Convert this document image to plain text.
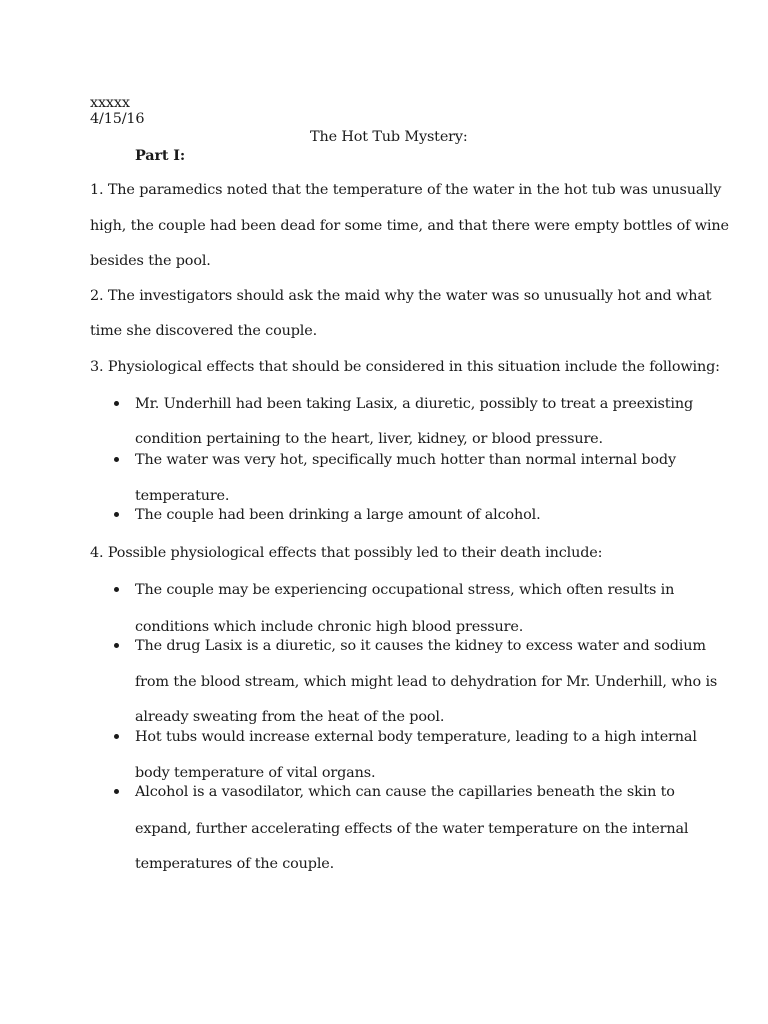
xxxxx
4/15/16
The Hot Tub Mystery:
Part I:
1. The paramedics noted that the temperature of the water in the hot tub was unusually
high, the couple had been dead for some time, and that there were empty bottles of wine
besides the pool.
2. The investigators should ask the maid why the water was so unusually hot and what
time she discovered the couple.
3. Physiological effects that should be considered in this situation include the following:
Mr. Underhill had been taking Lasix, a diuretic, possibly to treat a preexisting
condition pertaining to the heart, liver, kidney, or blood pressure.
The water was very hot, specifically much hotter than normal internal body
temperature.
The couple had been drinking a large amount of alcohol.
4. Possible physiological effects that possibly led to their death include:
The couple may be experiencing occupational stress, which often results in
conditions which include chronic high blood pressure.
The drug Lasix is a diuretic, so it causes the kidney to excess water and sodium
from the blood stream, which might lead to dehydration for Mr. Underhill, who is
already sweating from the heat of the pool.
Hot tubs would increase external body temperature, leading to a high internal
body temperature of vital organs.
Alcohol is a vasodilator, which can cause the capillaries beneath the skin to
expand, further accelerating effects of the water temperature on the internal
temperatures of the couple.
